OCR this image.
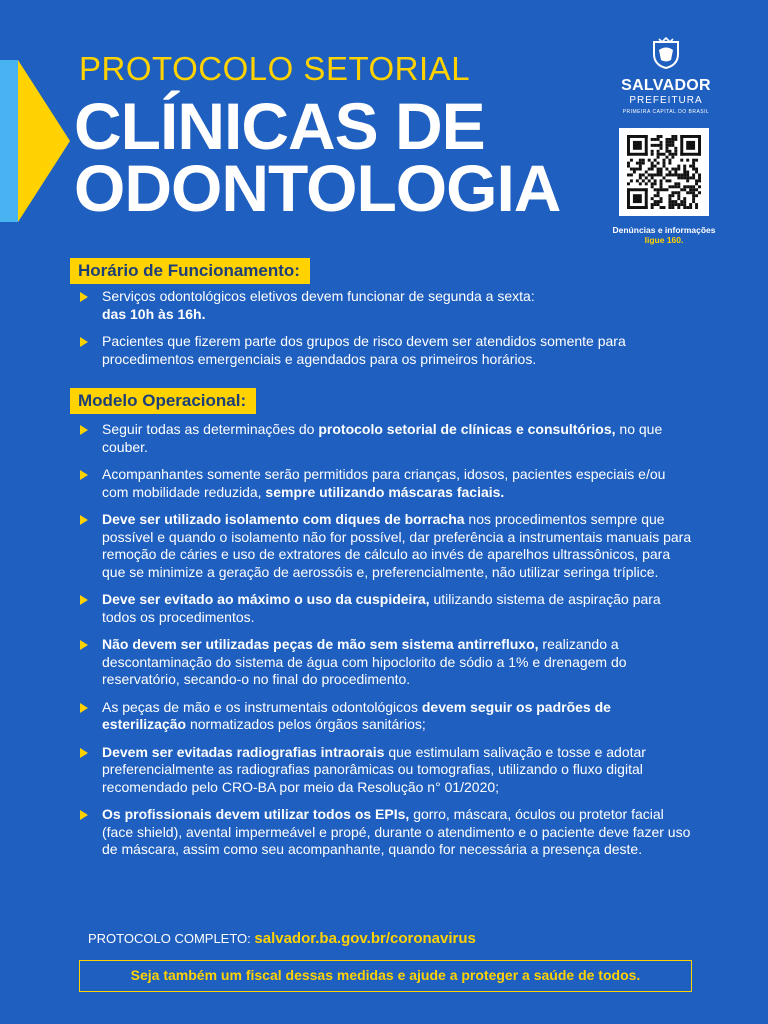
PROTOCOLO SETORIAL
CLÍNICAS DE
ODONTOLOGIA
SALVADOR
PREFEITURA
PRIMEIRA CAPITAL DO BRASIL
Denúncias e informações
ligue 160.
Horário de Funcionamento:
Serviços odontológicos eletivos devem funcionar de segunda a sexta:
das 10h às 16h.
Pacientes que fizerem parte dos grupos de risco devem ser atendidos somente para procedimentos emergenciais e agendados para os primeiros horários.
Modelo Operacional:
Seguir todas as determinações do protocolo setorial de clínicas e consultórios, no que couber.
Acompanhantes somente serão permitidos para crianças, idosos, pacientes especiais e/ou com mobilidade reduzida, sempre utilizando máscaras faciais.
Deve ser utilizado isolamento com diques de borracha nos procedimentos sempre que possível e quando o isolamento não for possível, dar preferência a instrumentais manuais para remoção de cáries e uso de extratores de cálculo ao invés de aparelhos ultrassônicos, para que se minimize a geração de aerossóis e, preferencialmente, não utilizar seringa tríplice.
Deve ser evitado ao máximo o uso da cuspideira, utilizando sistema de aspiração para todos os procedimentos.
Não devem ser utilizadas peças de mão sem sistema antirrefluxo, realizando a descontaminação do sistema de água com hipoclorito de sódio a 1% e drenagem do reservatório, secando-o no final do procedimento.
As peças de mão e os instrumentais odontológicos devem seguir os padrões de esterilização normatizados pelos órgãos sanitários;
Devem ser evitadas radiografias intraorais que estimulam salivação e tosse e adotar preferencialmente as radiografias panorâmicas ou tomografias, utilizando o fluxo digital recomendado pelo CRO-BA por meio da Resolução n° 01/2020;
Os profissionais devem utilizar todos os EPIs, gorro, máscara, óculos ou protetor facial (face shield), avental impermeável e propé, durante o atendimento e o paciente deve fazer uso de máscara, assim como seu acompanhante, quando for necessária a presença deste.
PROTOCOLO COMPLETO: salvador.ba.gov.br/coronavirus
Seja também um fiscal dessas medidas e ajude a proteger a saúde de todos.
